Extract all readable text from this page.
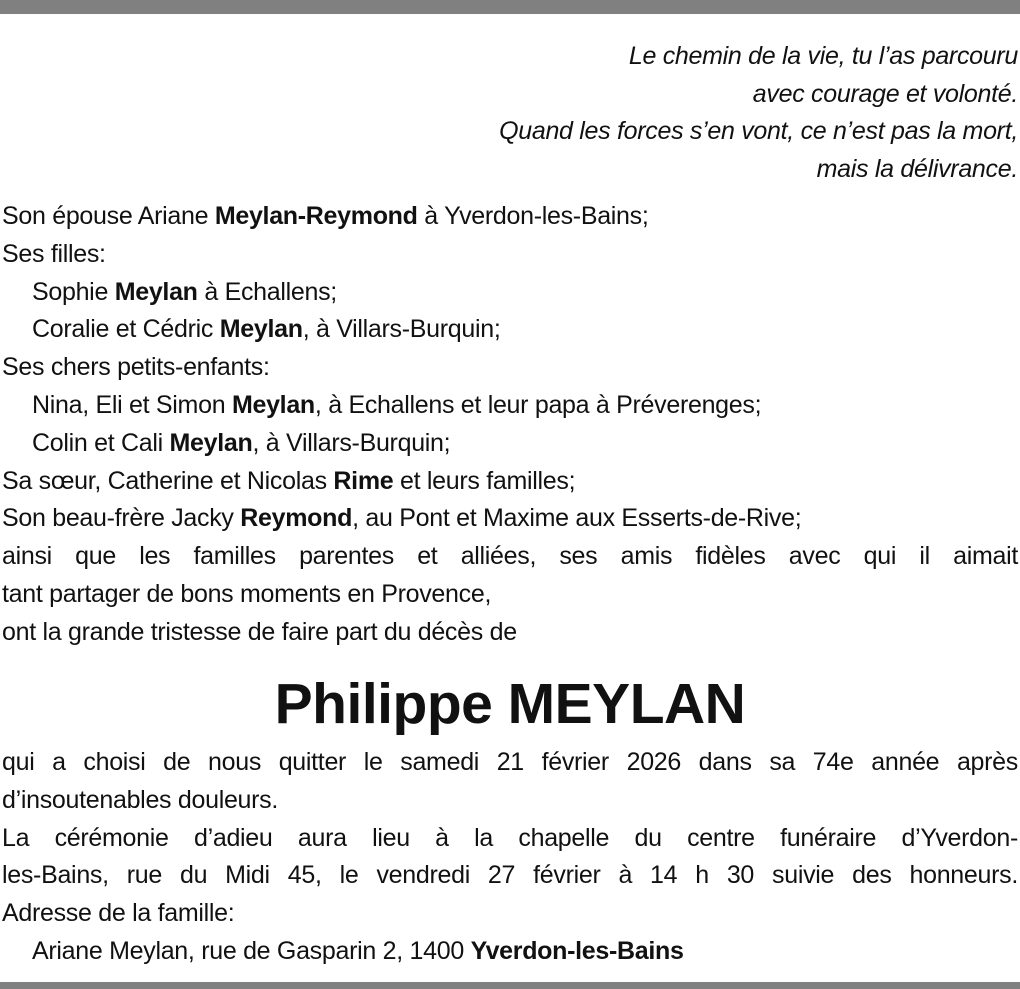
Le chemin de la vie, tu l’as parcouru
avec courage et volonté.
Quand les forces s’en vont, ce n’est pas la mort,
mais la délivrance.
Son épouse Ariane Meylan-Reymond à Yverdon-les-Bains;
Ses filles:
Sophie Meylan à Echallens;
Coralie et Cédric Meylan, à Villars-Burquin;
Ses chers petits-enfants:
Nina, Eli et Simon Meylan, à Echallens et leur papa à Préverenges;
Colin et Cali Meylan, à Villars-Burquin;
Sa sœur, Catherine et Nicolas Rime et leurs familles;
Son beau-frère Jacky Reymond, au Pont et Maxime aux Esserts-de-Rive;
ainsi que les familles parentes et alliées, ses amis fidèles avec qui il aimait
tant partager de bons moments en Provence,
ont la grande tristesse de faire part du décès de
Philippe MEYLAN
qui a choisi de nous quitter le samedi 21 février 2026 dans sa 74e année après
d’insoutenables douleurs.
La cérémonie d’adieu aura lieu à la chapelle du centre funéraire d’Yverdon-
les-Bains, rue du Midi 45, le vendredi 27 février à 14 h 30 suivie des honneurs.
Adresse de la famille:
Ariane Meylan, rue de Gasparin 2, 1400 Yverdon-les-Bains
